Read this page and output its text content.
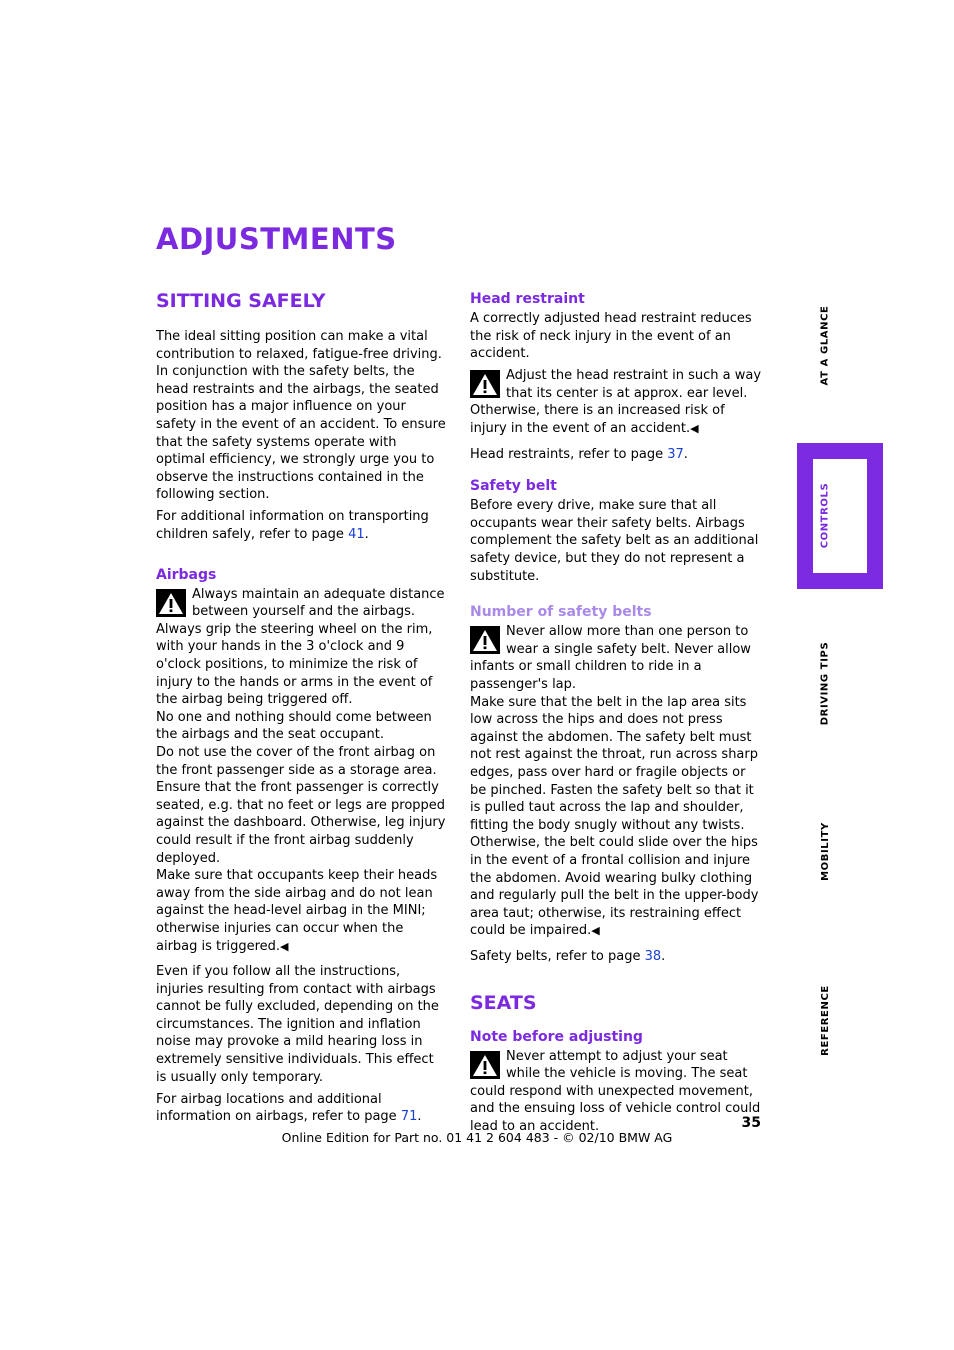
ADJUSTMENTS
SITTING SAFELY

The ideal sitting position can make a vital contribution to relaxed, fatigue-free driving. In conjunction with the safety belts, the head restraints and the airbags, the seated position has a major influence on your safety in the event of an accident. To ensure that the safety systems operate with optimal efficiency, we strongly urge you to observe the instructions contained in the following section.

For additional information on transporting children safely, refer to page 41.

Airbags
Always maintain an adequate distance between yourself and the airbags. Always grip the steering wheel on the rim, with your hands in the 3 o'clock and 9 o'clock positions, to minimize the risk of injury to the hands or arms in the event of the airbag being triggered off.
No one and nothing should come between the airbags and the seat occupant.
Do not use the cover of the front airbag on the front passenger side as a storage area. Ensure that the front passenger is correctly seated, e.g. that no feet or legs are propped against the dashboard. Otherwise, leg injury could result if the front airbag suddenly deployed.
Make sure that occupants keep their heads away from the side airbag and do not lean against the head-level airbag in the MINI; otherwise injuries can occur when the airbag is triggered.◀

Even if you follow all the instructions, injuries resulting from contact with airbags cannot be fully excluded, depending on the circumstances. The ignition and inflation noise may provoke a mild hearing loss in extremely sensitive individuals. This effect is usually only temporary.

For airbag locations and additional information on airbags, refer to page 71.

Head restraint

A correctly adjusted head restraint reduces the risk of neck injury in the event of an accident.

Adjust the head restraint in such a way that its center is at approx. ear level. Otherwise, there is an increased risk of injury in the event of an accident.◀

Head restraints, refer to page 37.

Safety belt

Before every drive, make sure that all occupants wear their safety belts. Airbags complement the safety belt as an additional safety device, but they do not represent a substitute.

Number of safety belts
Never allow more than one person to wear a single safety belt. Never allow infants or small children to ride in a passenger's lap.
Make sure that the belt in the lap area sits low across the hips and does not press against the abdomen. The safety belt must not rest against the throat, run across sharp edges, pass over hard or fragile objects or be pinched. Fasten the safety belt so that it is pulled taut across the lap and shoulder, fitting the body snugly without any twists. Otherwise, the belt could slide over the hips in the event of a frontal collision and injure the abdomen. Avoid wearing bulky clothing and regularly pull the belt in the upper-body area taut; otherwise, its restraining effect could be impaired.◀

Safety belts, refer to page 38.

SEATS
Note before adjusting
Never attempt to adjust your seat while the vehicle is moving. The seat could respond with unexpected movement, and the ensuing loss of vehicle control could lead to an accident.
AT A GLANCE
CONTROLS
DRIVING TIPS
MOBILITY
REFERENCE
35
Online Edition for Part no. 01 41 2 604 483 - © 02/10 BMW AG
